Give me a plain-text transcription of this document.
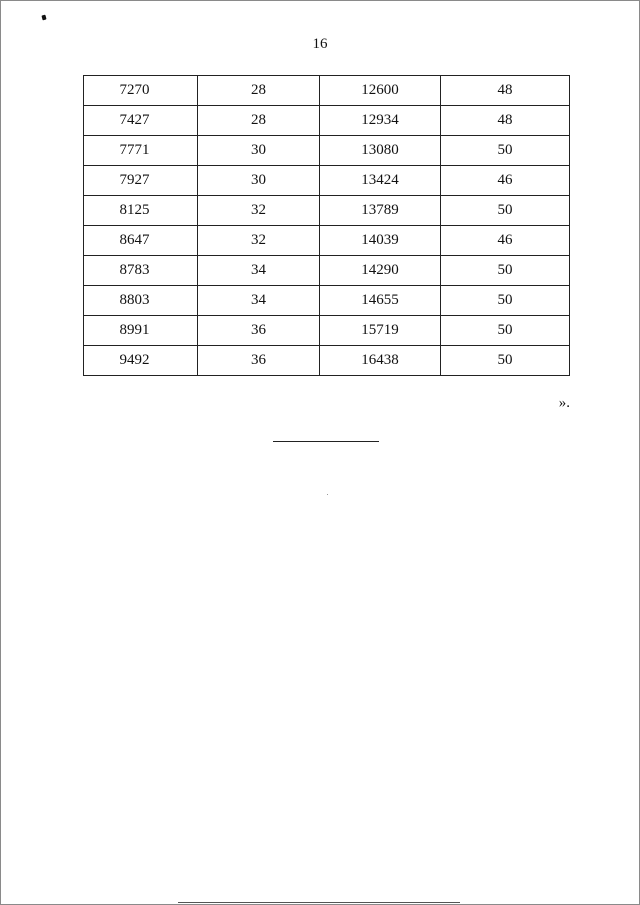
16
7270	28	12600	48
7427	28	12934	48
7771	30	13080	50
7927	30	13424	46
8125	32	13789	50
8647	32	14039	46
8783	34	14290	50
8803	34	14655	50
8991	36	15719	50
9492	36	16438	50
».
